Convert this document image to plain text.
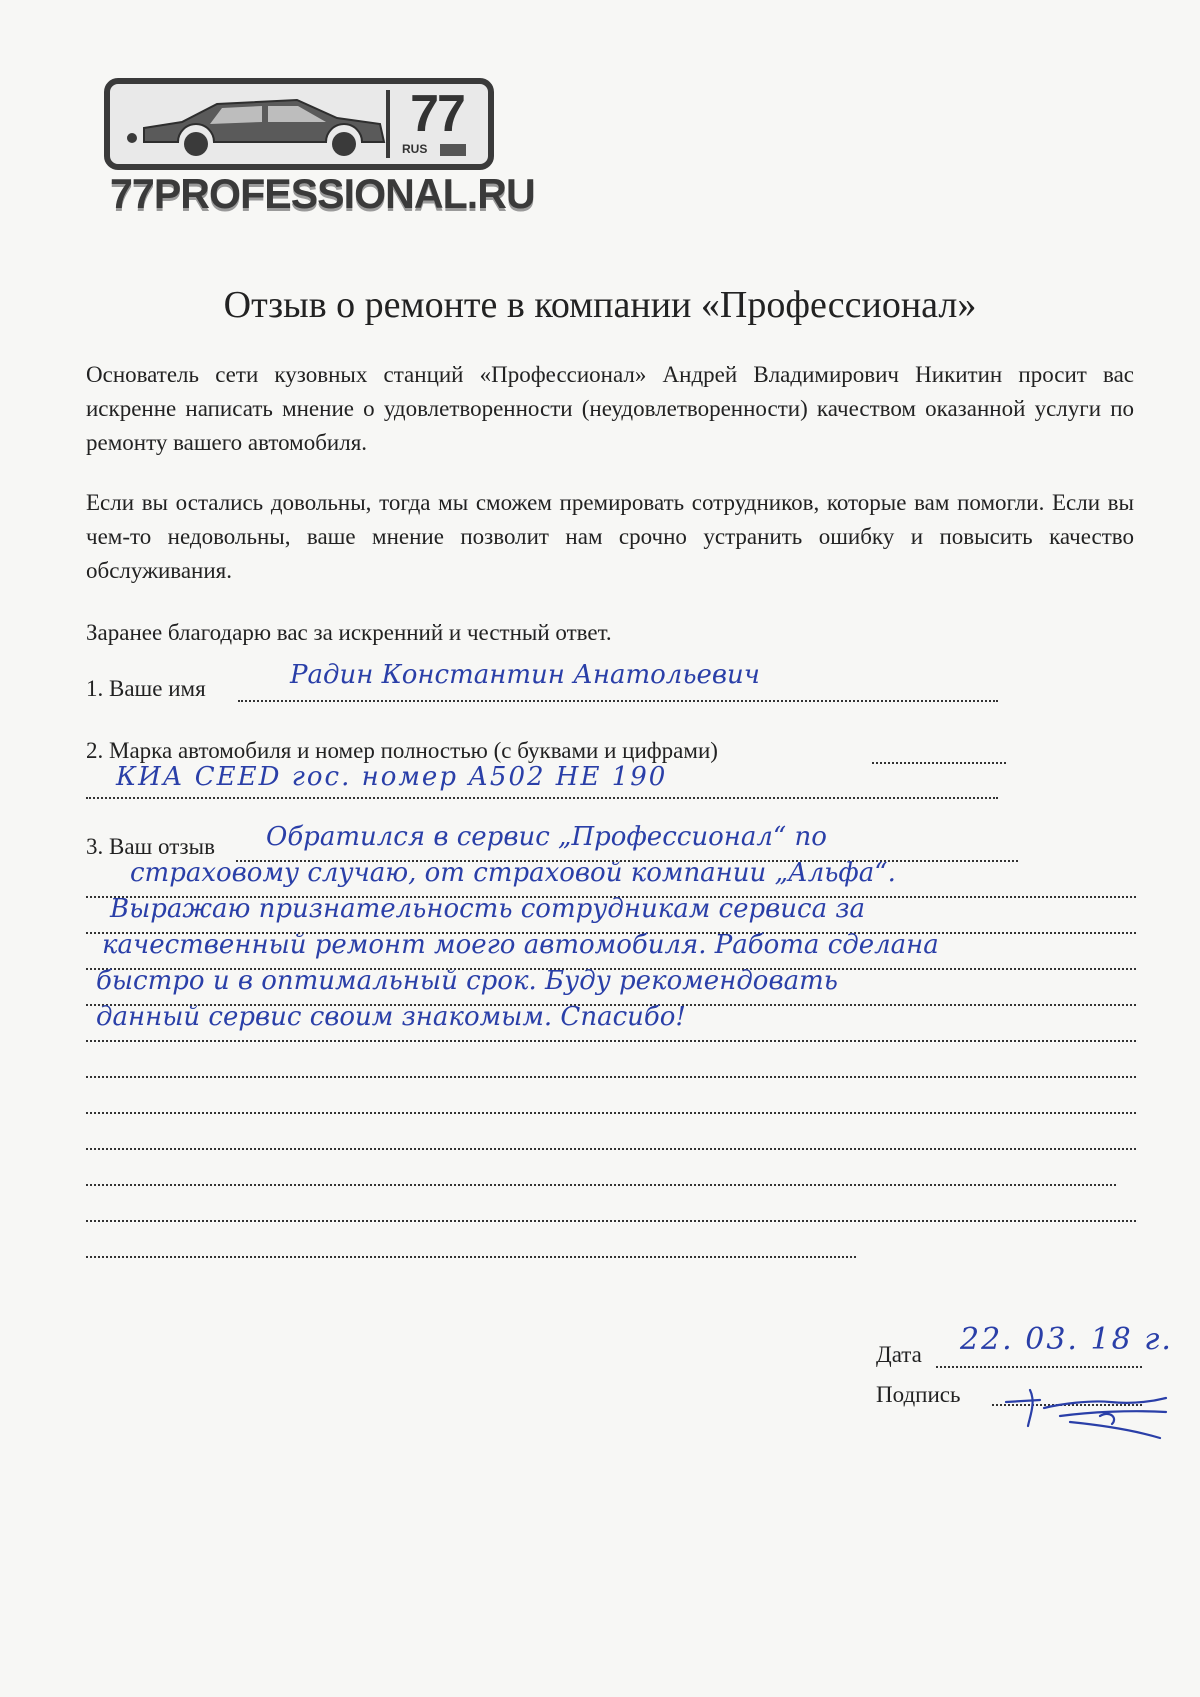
77
RUS
77PROFESSIONAL.RU
Отзыв о ремонте в компании «Профессионал»

Основатель сети кузовных станций «Профессионал» Андрей Владимирович Никитин просит вас искренне написать мнение о удовлетворенности (неудовлетворенности) качеством оказанной услуги по ремонту вашего автомобиля.

Если вы остались довольны, тогда мы сможем премировать сотрудников, которые вам помогли. Если вы чем-то недовольны, ваше мнение позволит нам срочно устранить ошибку и повысить качество обслуживания.

Заранее благодарю вас за искренний и честный ответ.

1. Ваше имя	Радин Константин Анатольевич
2. Марка автомобиля и номер полностью (с буквами и цифрами)
КИА СЕЕD гос. номер А502 НЕ 190
3. Ваш отзыв Обратился в сервис „Профессионал“ по
страховому случаю, от страховой компании „Альфа“.
Выражаю признательность сотрудникам сервиса за
качественный ремонт моего автомобиля. Работа сделана
быстро и в оптимальный срок. Буду рекомендовать
данный сервис своим знакомым. Спасибо!
Дата 22. 03. 18 г.
Подпись
